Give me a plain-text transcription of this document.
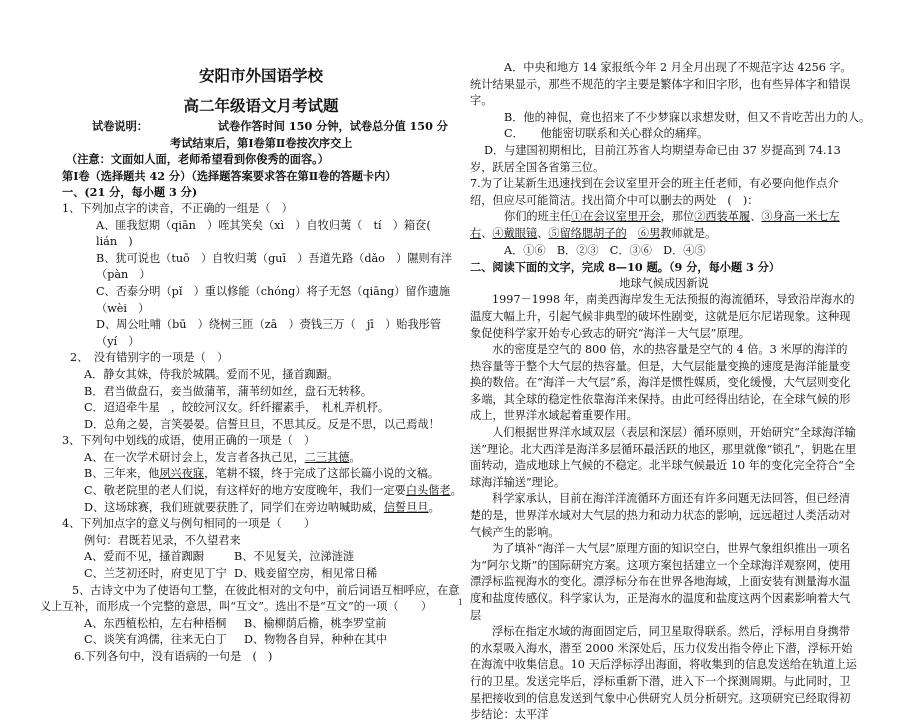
安阳市外国语学校
高二年级语文月考试题
试卷说明：	试卷作答时间 150 分钟，试卷总分值 150 分
考试结束后，第Ⅰ卷第Ⅱ卷按次序交上
（注意：文面如人面，老师希望看到你俊秀的面容。）
第Ⅰ卷（选择题共 42 分）（选择题答案要求答在第Ⅱ卷的答题卡内）
一、(21 分，每小题 3 分)
1、下列加点字的读音，不正确的一组是（　）
A、匪我愆期（qiān　）咥其笑矣（xì　）自牧归荑（　tí　）箱奁(　lián　)
B、犹可说也（tuō　）自牧归荑（guī　）吾道先路（dǎo　）隰则有泮（pàn　）
C、否泰分明（pǐ　）重以修能（chóng）将子无怒（qiāng）留作遗施（wèi　）
D、周公吐哺（bū　）绕树三匝（zā　）赍钱三万（　jī　）贻我彤管（yí　）
2、　没有错别字的一项是（　）
A．静女其姝，侍我於城隅。爱而不见，搔首踟蹰。
B．君当做盘石，妾当做蒲苇，蒲苇纫如丝，盘石无转移。
C．迢迢牵牛星　，皎皎河汉女。纤纤擢素手，　札札弄机杼。
D．总角之晏，言笑晏晏。信誓旦旦，不思其反。反是不思，以己焉哉！
3、下列句中划线的成语，使用正确的一项是（　）
A、在一次学术研讨会上，发言者各执己见，二三其德。
B、三年来，他夙兴夜寐，笔耕不辍，终于完成了这部长篇小说的文稿。
C、敬老院里的老人们说，有这样好的地方安度晚年，我们一定要白头偕老。
D、这场球赛，我们班就要获胜了，同学们在旁边呐喊助威，信誓旦旦。
4、下列加点字的意义与例句相同的一项是（　　）
例句：君既若见录，不久望君来
A、爱而不见，搔首踟蹰	B、不见复关，泣涕涟涟
C、兰芝初还时，府吏见丁宁 D、贱妾留空房，相见常日稀
5、古诗文中为了使语句工整，在彼此相对的文句中，前后词语互相呼应，在意
义上互补，而形成一个完整的意思，叫“互文”。选出不是“互文”的一项（　　）
A、东西植松柏，左右种梧桐	B、榆柳荫后檐，桃李罗堂前
C、谈笑有鸿儒，往来无白丁	D、物物各自异，种种在其中
6.下列各句中，没有语病的一句是　(　)
A．中央和地方 14 家报纸今年 2 月全月出现了不规范字达 4256 字。统计结果显示，那些不规范的字主要是繁体字和旧字形，也有些异体字和错误字。
B．他的神侃，竟也招来了不少梦寐以求想发财，但又不肯吃苦出力的人。
C．　　他能密切联系和关心群众的痛痒。
D．与建国初期相比，目前江苏省人均期望寿命已由 37 岁提高到 74.13 岁，跃居全国各省第三位。
7.为了让某新生迅速找到在会议室里开会的班主任老师，有必要向他作点介绍，但应尽可能简洁。找出简介中可以删去的两处　(　)：
你们的班主任①在会议室里开会，那位②西装革履、③身高一米七左右、④戴眼镜、⑤留络腮胡子的　 ⑥男教师就是。
A．①⑥　B．②③　C．③⑥　D．④⑤
二、阅读下面的文字，完成 8—10 题。（9 分，每小题 3 分）
地球气候成因新说
1997－1998 年，南美西海岸发生无法预报的海流循环，导致沿岸海水的温度大幅上升，引起气候非典型的破坏性剧变，这就是厄尔尼诺现象。这种现象促使科学家开始专心致志的研究“海洋－大气层”原理。
水的密度是空气的 800 倍，水的热容量是空气的 4 倍。3 米厚的海洋的热容量等于整个大气层的热容量。但是，大气层能量变换的速度是海洋能量变换的数倍。在“海洋－大气层”系，海洋是惯性媒质，变化缓慢，大气层则变化多端，其全球的稳定性依靠海洋来保持。由此可经得出结论，在全球气候的形成上，世界洋水域起着重要作用。
人们根据世界洋水域双层（表层和深层）循环原则，开始研究“全球海洋输送”理论。北大西洋是海洋多层循环最活跃的地区，那里就像“锁孔”，钥匙在里面转动，造成地球上气候的不稳定。北半球气候最近 10 年的变化完全符合“全球海洋输送”理论。
科学家承认，目前在海洋洋流循环方面还有许多问题无法回答，但已经清楚的是，世界洋水域对大气层的热力和动力状态的影响，远远超过人类活动对气候产生的影响。
为了填补“海洋－大气层”原理方面的知识空白，世界气象组织推出一项名为“阿尔戈斯”的国际研究方案。这项方案包括建立一个全球海洋观察网，使用漂浮标监视海水的变化。漂浮标分布在世界各地海域，上面安装有测量海水温度和盐度传感仪。科学家认为，正是海水的温度和盐度这两个因素影响着大气层
浮标在指定水域的海面固定后，同卫星取得联系。然后，浮标用自身携带的水泵吸入海水，潜至 2000 米深处后，压力仪发出指令停止下潜，浮标开始在海流中收集信息。10 天后浮标浮出海面，将收集到的信息发送给在轨道上运行的卫星。发送完毕后，浮标重新下潜，进入下一个探测周期。与此同时，卫星把接收到的信息发送到气象中心供研究人员分析研究。这项研究已经取得初步结论：太平洋
1
